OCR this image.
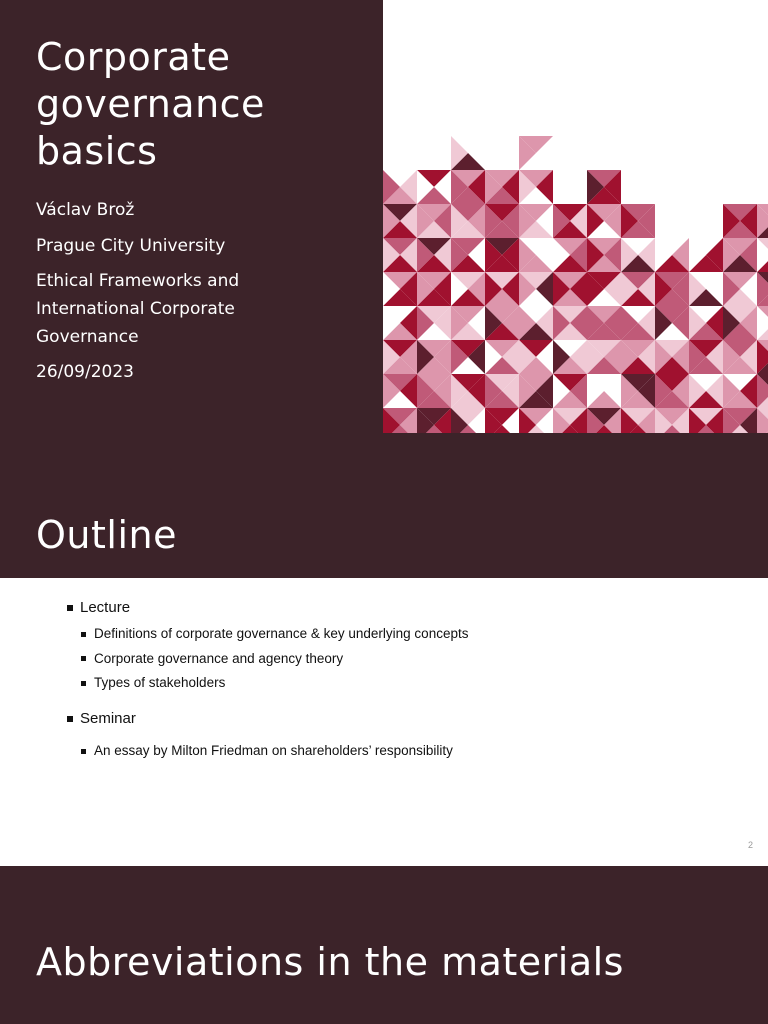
Corporate governance basics
Václav Brož
Prague City University
Ethical Frameworks and International Corporate Governance
26/09/2023
Outline
Lecture
Definitions of corporate governance & key underlying concepts
Corporate governance and agency theory
Types of stakeholders
Seminar
An essay by Milton Friedman on shareholders’ responsibility
2
Abbreviations in the materials
